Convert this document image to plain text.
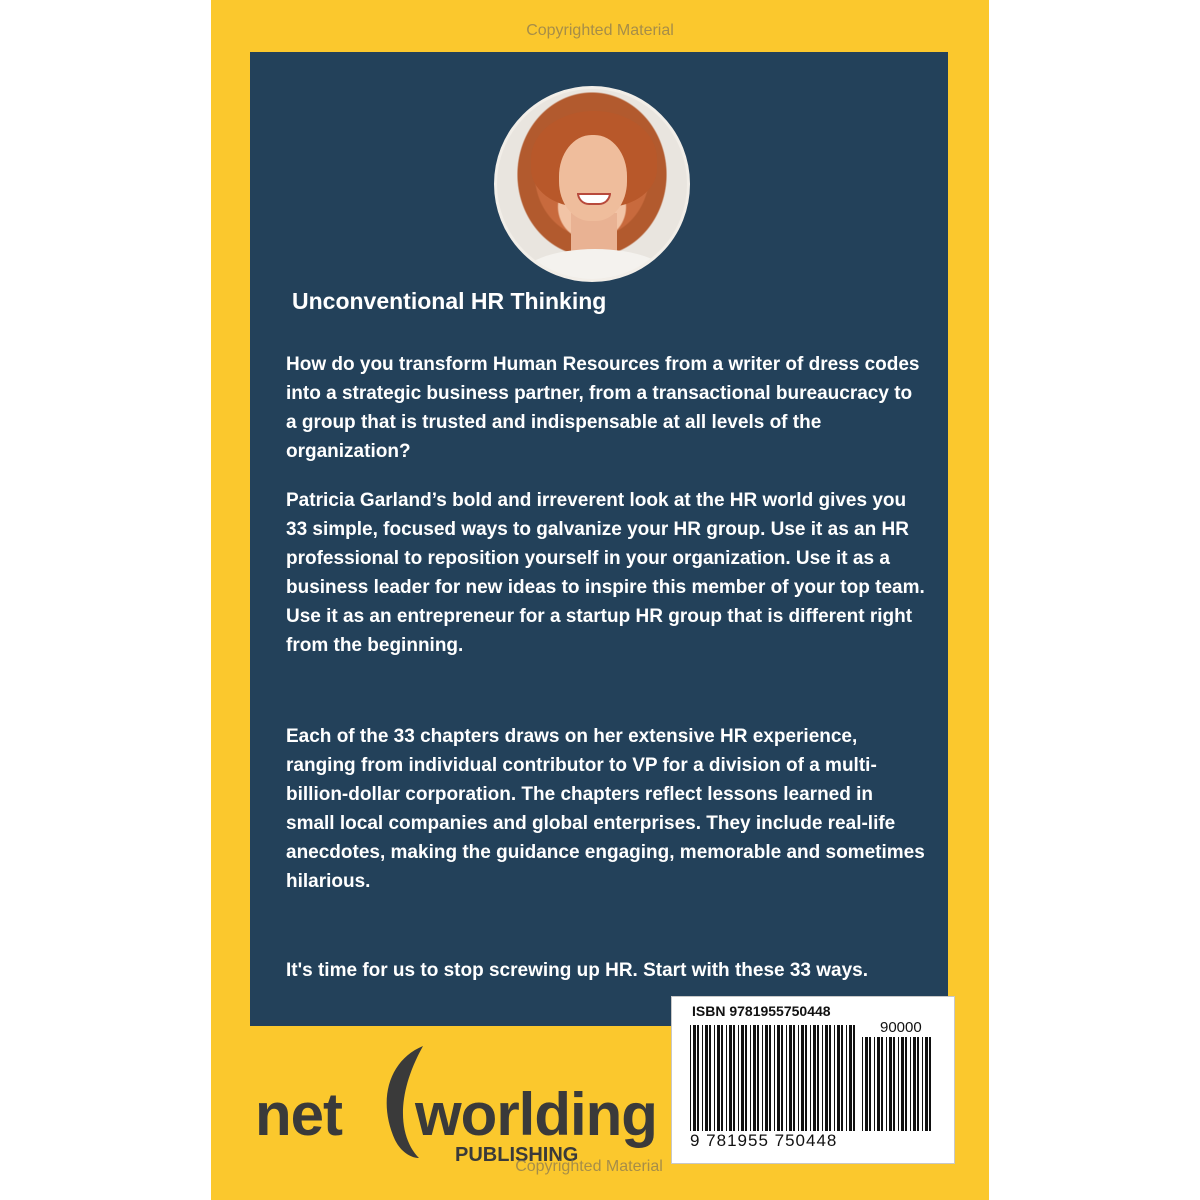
Copyrighted Material
Unconventional HR Thinking

How do you transform Human Resources from a writer of dress codes into a strategic business partner, from a transactional bureaucracy to a group that is trusted and indispensable at all levels of the organization?

Patricia Garland’s bold and irreverent look at the HR world gives you 33 simple, focused ways to galvanize your HR group. Use it as an HR professional to reposition yourself in your organization. Use it as a business leader for new ideas to inspire this member of your top team. Use it as an entrepreneur for a startup HR group that is different right from the beginning.

Each of the 33 chapters draws on her extensive HR experience, ranging from individual contributor to VP for a division of a multi-billion-dollar corporation. The chapters reflect lessons learned in small local companies and global enterprises. They include real-life anecdotes, making the guidance engaging, memorable and sometimes hilarious.

It's time for us to stop screwing up HR. Start with these 33 ways.

net worlding
PUBLISHING
ISBN 9781955750448
90000
9 781955 750448
Copyrighted Material
